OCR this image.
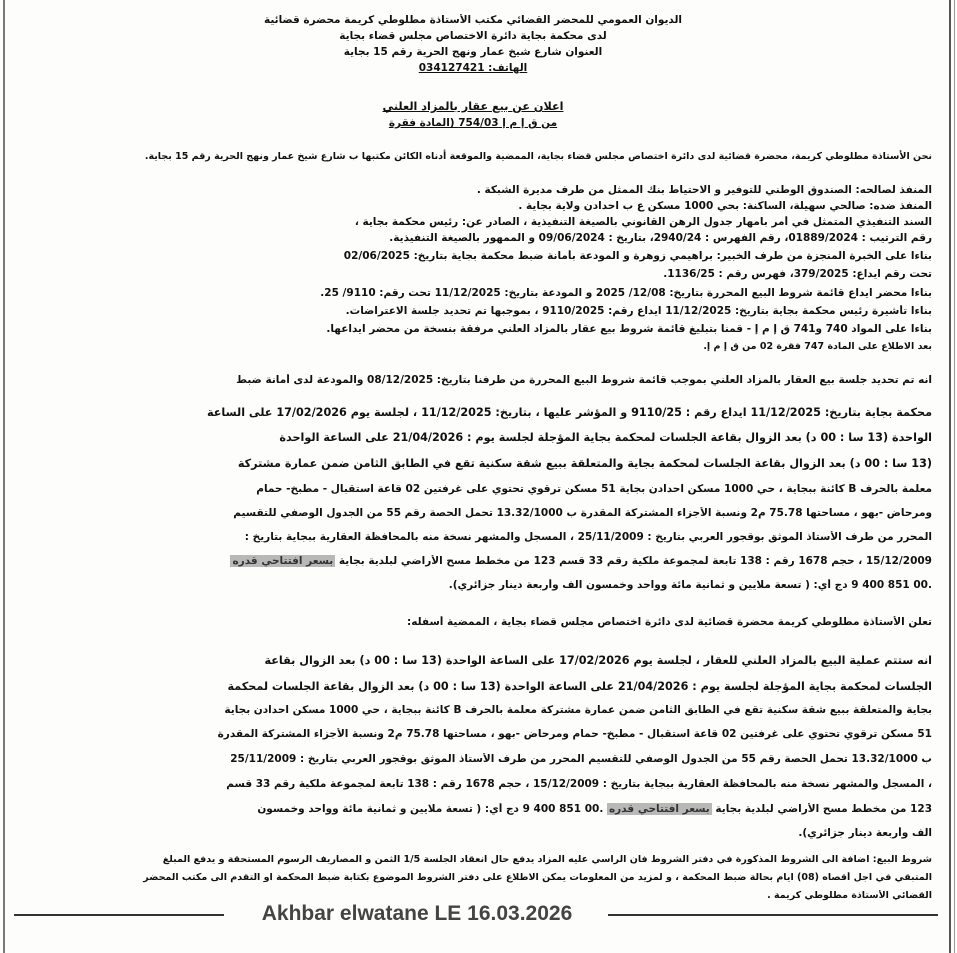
الديوان العمومي للمحضر القضائي مكتب الأستاذة مطلوطي كريمة محضرة قضائية
لدى محكمة بجاية دائرة الاختصاص مجلس قضاء بجاية
العنوان شارع شيخ عمار ونهج الحرية رقم 15 بجاية
الهاتف: 034127421
اعلان عن بيع عقار بالمزاد العلني
من ق إ م إ 754/03 (المادة فقرة
نحن الأستاذة مطلوطي كريمة، محضرة قضائية لدى دائرة اختصاص مجلس قضاء بجاية، الممضية والموقعة أدناه الكائن مكتبها ب شارع شيخ عمار ونهج الحرية رقم 15 بجاية.
المنفذ لصالحه: الصندوق الوطني للتوفير و الاحتياط بنك الممثل من طرف مديرة الشبكة .
المنفذ ضده: صالحي سهيلة، الساكنة: بحي 1000 مسكن ع ب احدادن ولاية بجاية .
السند التنفيذي المتمثل في أمر بامهار جدول الرهن القانوني بالصيغة التنفيذية ، الصادر عن: رئيس محكمة بجاية ،
رقم الترتيب : 01889/2024، رقم الفهرس : 2940/24، بتاريخ : 09/06/2024 و الممهور بالصيغة التنفيذية.
بناءا على الخبرة المنجزة من طرف الخبير: براهيمي زوهرة و المودعة بأمانة ضبط محكمة بجاية بتاريخ: 02/06/2025
تحت رقم ايداع: 379/2025، فهرس رقم : 1136/25.
بناءا محضر ايداع قائمة شروط البيع المحررة بتاريخ: 12/08/ 2025 و المودعة بتاريخ: 11/12/2025 تحت رقم: 9110/ 25.
بناءا تأشيرة رئيس محكمة بجاية بتاريخ: 11/12/2025 ايداع رقم: 9110/2025 ، بموجبها تم تحديد جلسة الاعتراضات.
بناءا على المواد 740 و741 ق إ م إ - قمنا بتبليغ قائمة شروط بيع عقار بالمزاد العلني مرفقة بنسخة من محضر ايداعها.
بعد الاطلاع على المادة 747 فقرة 02 من ق إ م إ.
انه تم تحديد جلسة بيع العقار بالمزاد العلني بموجب قائمة شروط البيع المحررة من طرفنا بتاريخ: 08/12/2025 والمودعة لدى أمانة ضبط
محكمة بجاية بتاريخ: 11/12/2025 ايداع رقم : 9110/25 و المؤشر عليها ، بتاريخ: 11/12/2025 ، لجلسة يوم 17/02/2026 على الساعة
الواحدة (13 سا : 00 د) بعد الزوال بقاعة الجلسات لمحكمة بجاية المؤجلة لجلسة يوم : 21/04/2026 على الساعة الواحدة
(13 سا : 00 د) بعد الزوال بقاعة الجلسات لمحكمة بجاية والمتعلقة ببيع شقة سكنية تقع في الطابق الثامن ضمن عمارة مشتركة
معلمة بالحرف B كائنة ببجاية ، حي 1000 مسكن احدادن بجاية 51 مسكن ترقوي تحتوي على غرفتين 02 قاعة استقبال - مطبخ- حمام
ومرحاض -بهو ، مساحتها 75.78 م2 ونسبة الأجزاء المشتركة المقدرة ب 13.32/1000 تحمل الحصة رقم 55 من الجدول الوصفي للتقسيم
المحرر من طرف الأستاذ الموثق بوقجور العربي بتاريخ : 25/11/2009 ، المسجل والمشهر نسخة منه بالمحافظة العقارية ببجاية بتاريخ :
15/12/2009 ، حجم 1678 رقم : 138 تابعة لمجموعة ملكية رقم 33 قسم 123 من مخطط مسح الأراضي لبلدية بجاية بسعر افتتاحي قدره
.00 851 400 9 دج أي: ( تسعة ملايين و ثمانية مائة وواحد وخمسون الف وأربعة دينار جزائري).
تعلن الأستاذة مطلوطي كريمة محضرة قضائية لدى دائرة اختصاص مجلس قضاء بجاية ، الممضية أسفله:
انه ستتم عملية البيع بالمزاد العلني للعقار ، لجلسة يوم 17/02/2026 على الساعة الواحدة (13 سا : 00 د) بعد الزوال بقاعة
الجلسات لمحكمة بجاية المؤجلة لجلسة يوم : 21/04/2026 على الساعة الواحدة (13 سا : 00 د) بعد الزوال بقاعة الجلسات لمحكمة
بجاية والمتعلقة ببيع شقة سكنية تقع في الطابق الثامن ضمن عمارة مشتركة معلمة بالحرف B كائنة ببجاية ، حي 1000 مسكن احدادن بجاية
51 مسكن ترقوي تحتوي على غرفتين 02 قاعة استقبال - مطبخ- حمام ومرحاض -بهو ، مساحتها 75.78 م2 ونسبة الأجزاء المشتركة المقدرة
ب 13.32/1000 تحمل الحصة رقم 55 من الجدول الوصفي للتقسيم المحرر من طرف الأستاذ الموثق بوقجور العربي بتاريخ : 25/11/2009
، المسجل والمشهر نسخة منه بالمحافظة العقارية ببجاية بتاريخ : 15/12/2009 ، حجم 1678 رقم : 138 تابعة لمجموعة ملكية رقم 33 قسم
123 من مخطط مسح الأراضي لبلدية بجاية بسعر افتتاحي قدره .00 851 400 9 دج أي: ( تسعة ملايين و ثمانية مائة وواحد وخمسون
الف وأربعة دينار جزائري).
شروط البيع: اضافة الى الشروط المذكورة في دفتر الشروط فان الراسي عليه المزاد يدفع حال انعقاد الجلسة 1/5 الثمن و المصاريف الرسوم المستحقة و يدفع المبلغ
المتبقي في اجل أقصاه (08) ايام بحالة ضبط المحكمة ، و لمزيد من المعلومات يمكن الاطلاع على دفتر الشروط الموضوع بكتابة ضبط المحكمة او التقدم الى مكتب المحضر
القضائي الأستاذة مطلوطي كريمة .
Akhbar elwatane LE 16.03.2026
